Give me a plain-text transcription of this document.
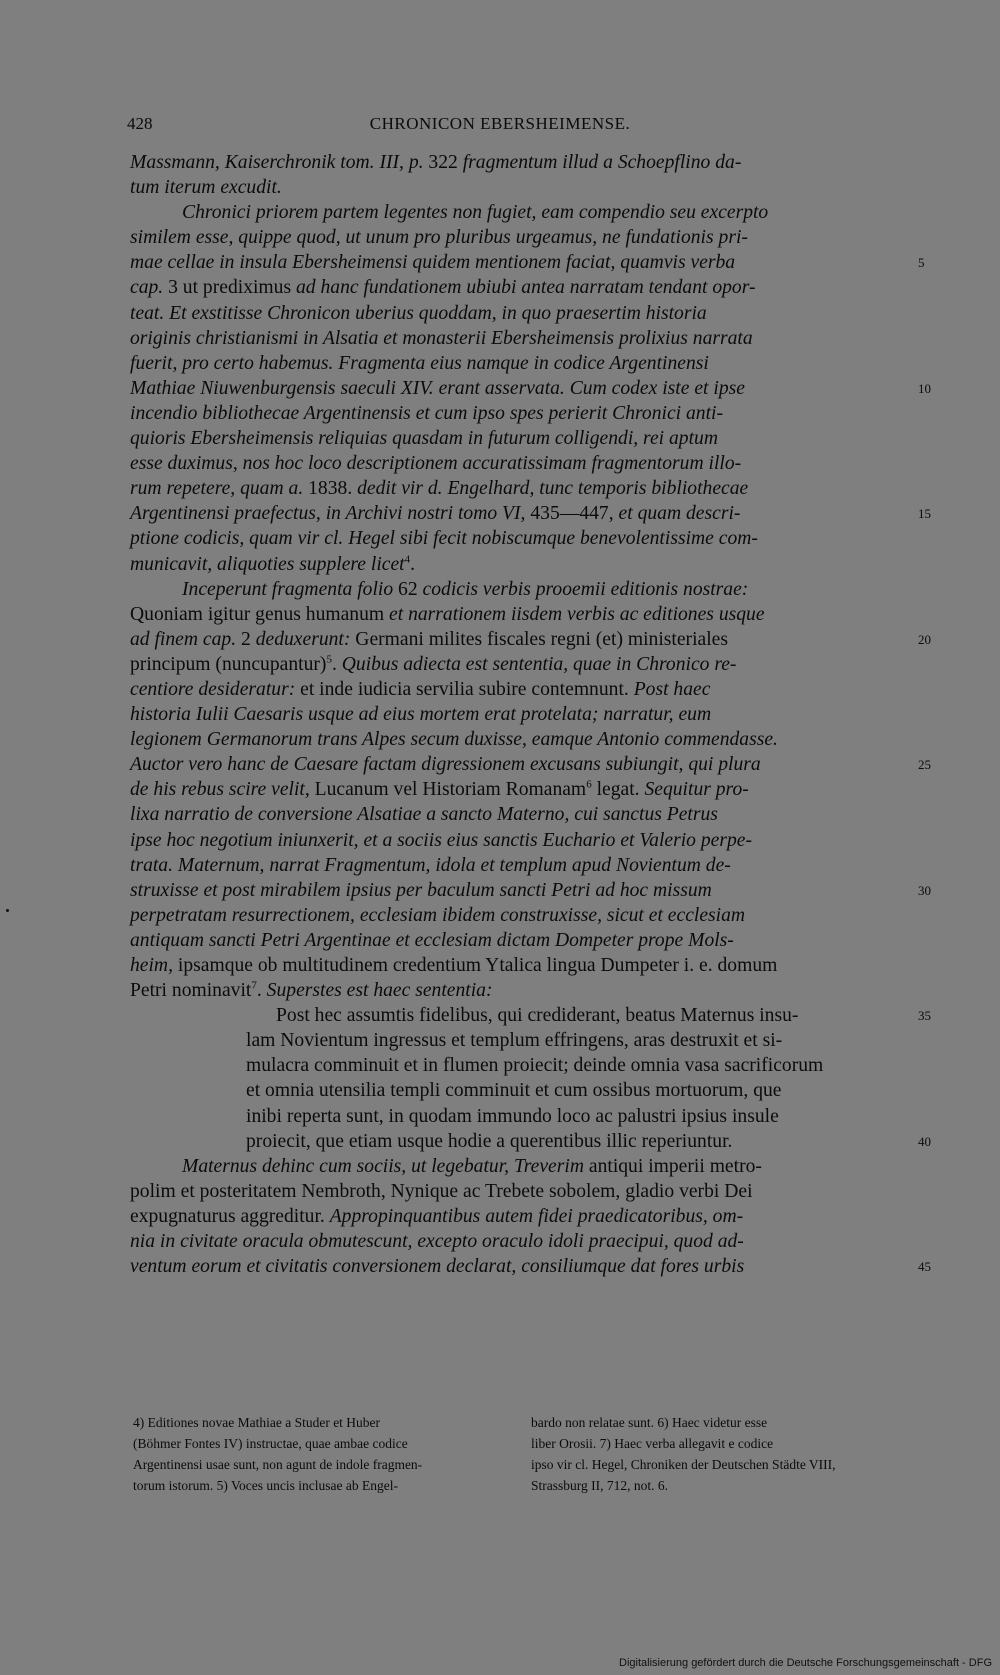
428	CHRONICON EBERSHEIMENSE.
Massmann, Kaiserchronik tom. III, p. 322 fragmentum illud a Schoepflino da-
tum iterum excudit.
Chronici priorem partem legentes non fugiet, eam compendio seu excerpto
similem esse, quippe quod, ut unum pro pluribus urgeamus, ne fundationis pri-
mae cellae in insula Ebersheimensi quidem mentionem faciat, quamvis verba	5
cap. 3 ut prediximus ad hanc fundationem ubiubi antea narratam tendant opor-
teat. Et exstitisse Chronicon uberius quoddam, in quo praesertim historia
originis christianismi in Alsatia et monasterii Ebersheimensis prolixius narrata
fuerit, pro certo habemus. Fragmenta eius namque in codice Argentinensi
Mathiae Niuwenburgensis saeculi XIV. erant asservata. Cum codex iste et ipse	10
incendio bibliothecae Argentinensis et cum ipso spes perierit Chronici anti-
quioris Ebersheimensis reliquias quasdam in futurum colligendi, rei aptum
esse duximus, nos hoc loco descriptionem accuratissimam fragmentorum illo-
rum repetere, quam a. 1838. dedit vir d. Engelhard, tunc temporis bibliothecae
Argentinensi praefectus, in Archivi nostri tomo VI, 435—447, et quam descri-	15
ptione codicis, quam vir cl. Hegel sibi fecit nobiscumque benevolentissime com-
municavit, aliquoties supplere licet$^4$.
Inceperunt fragmenta folio 62 codicis verbis prooemii editionis nostrae:
Quoniam igitur genus humanum et narrationem iisdem verbis ac editiones usque
ad finem cap. 2 deduxerunt: Germani milites fiscales regni (et) ministeriales	20
principum (nuncupantur)$^5$. Quibus adiecta est sententia, quae in Chronico re-
centiore desideratur: et inde iudicia servilia subire contemnunt. Post haec
historia Iulii Caesaris usque ad eius mortem erat protelata; narratur, eum
legionem Germanorum trans Alpes secum duxisse, eamque Antonio commendasse.
Auctor vero hanc de Caesare factam digressionem excusans subiungit, qui plura	25
de his rebus scire velit, Lucanum vel Historiam Romanam$^6$ legat. Sequitur pro-
lixa narratio de conversione Alsatiae a sancto Materno, cui sanctus Petrus
ipse hoc negotium iniunxerit, et a sociis eius sanctis Euchario et Valerio perpe-
trata. Maternum, narrat Fragmentum, idola et templum apud Novientum de-
struxisse et post mirabilem ipsius per baculum sancti Petri ad hoc missum	30
perpetratam resurrectionem, ecclesiam ibidem construxisse, sicut et ecclesiam
antiquam sancti Petri Argentinae et ecclesiam dictam Dompeter prope Mols-
heim, ipsamque ob multitudinem credentium Ytalica lingua Dumpeter i. e. domum
Petri nominavit$^7$. Superstes est haec sententia:
Post hec assumtis fidelibus, qui crediderant, beatus Maternus insu-	35
lam Novientum ingressus et templum effringens, aras destruxit et si-
mulacra comminuit et in flumen proiecit; deinde omnia vasa sacrificorum
et omnia utensilia templi comminuit et cum ossibus mortuorum, que
inibi reperta sunt, in quodam immundo loco ac palustri ipsius insule
proiecit, que etiam usque hodie a querentibus illic reperiuntur.	40
Maternus dehinc cum sociis, ut legebatur, Treverim antiqui imperii metro-
polim et posteritatem Nembroth, Nynique ac Trebete sobolem, gladio verbi Dei
expugnaturus aggreditur. Appropinquantibus autem fidei praedicatoribus, om-
nia in civitate oracula obmutescunt, excepto oraculo idoli praecipui, quod ad-
ventum eorum et civitatis conversionem declarat, consiliumque dat fores urbis	45
4) Editiones novae Mathiae a Studer et Huber
(Böhmer Fontes IV) instructae, quae ambae codice
Argentinensi usae sunt, non agunt de indole fragmen-
torum istorum. 5) Voces uncis inclusae ab Engel-
bardo non relatae sunt. 6) Haec videtur esse
liber Orosii. 7) Haec verba allegavit e codice
ipso vir cl. Hegel, Chroniken der Deutschen Städte VIII,
Strassburg II, 712, not. 6.
Digitalisierung gefördert durch die Deutsche Forschungsgemeinschaft - DFG
